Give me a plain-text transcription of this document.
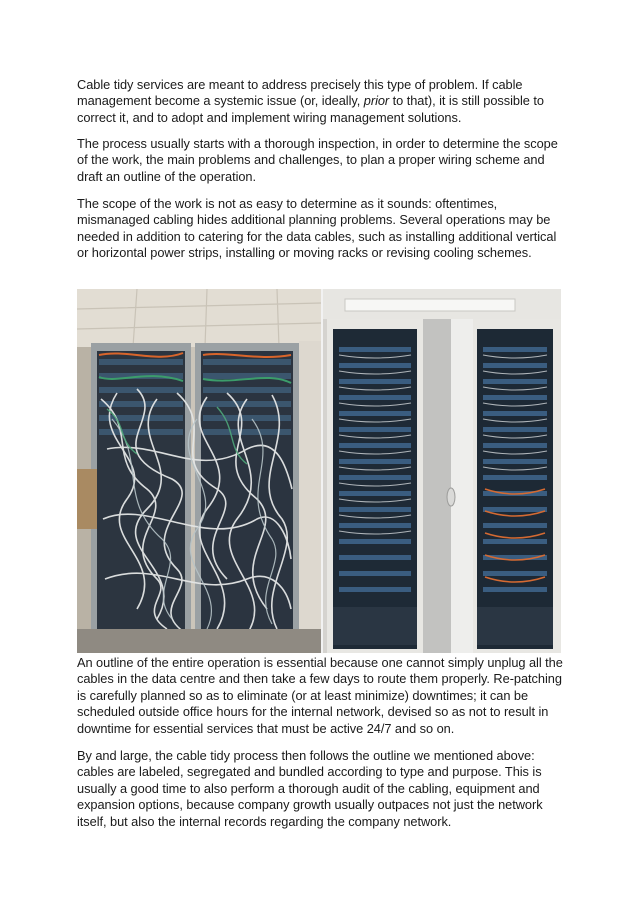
Cable tidy services are meant to address precisely this type of problem. If cable management become a systemic issue (or, ideally, prior to that), it is still possible to correct it, and to adopt and implement wiring management solutions.

The process usually starts with a thorough inspection, in order to determine the scope of the work, the main problems and challenges, to plan a proper wiring scheme and draft an outline of the operation.

The scope of the work is not as easy to determine as it sounds: oftentimes, mismanaged cabling hides additional planning problems. Several operations may be needed in addition to catering for the data cables, such as installing additional vertical or horizontal power strips, installing or moving racks or revising cooling schemes.

An outline of the entire operation is essential because one cannot simply unplug all the cables in the data centre and then take a few days to route them properly. Re-patching is carefully planned so as to eliminate (or at least minimize) downtimes; it can be scheduled outside office hours for the internal network, devised so as not to result in downtime for essential services that must be active 24/7 and so on.

By and large, the cable tidy process then follows the outline we mentioned above: cables are labeled, segregated and bundled according to type and purpose. This is usually a good time to also perform a thorough audit of the cabling, equipment and expansion options, because company growth usually outpaces not just the network itself, but also the internal records regarding the company network.
